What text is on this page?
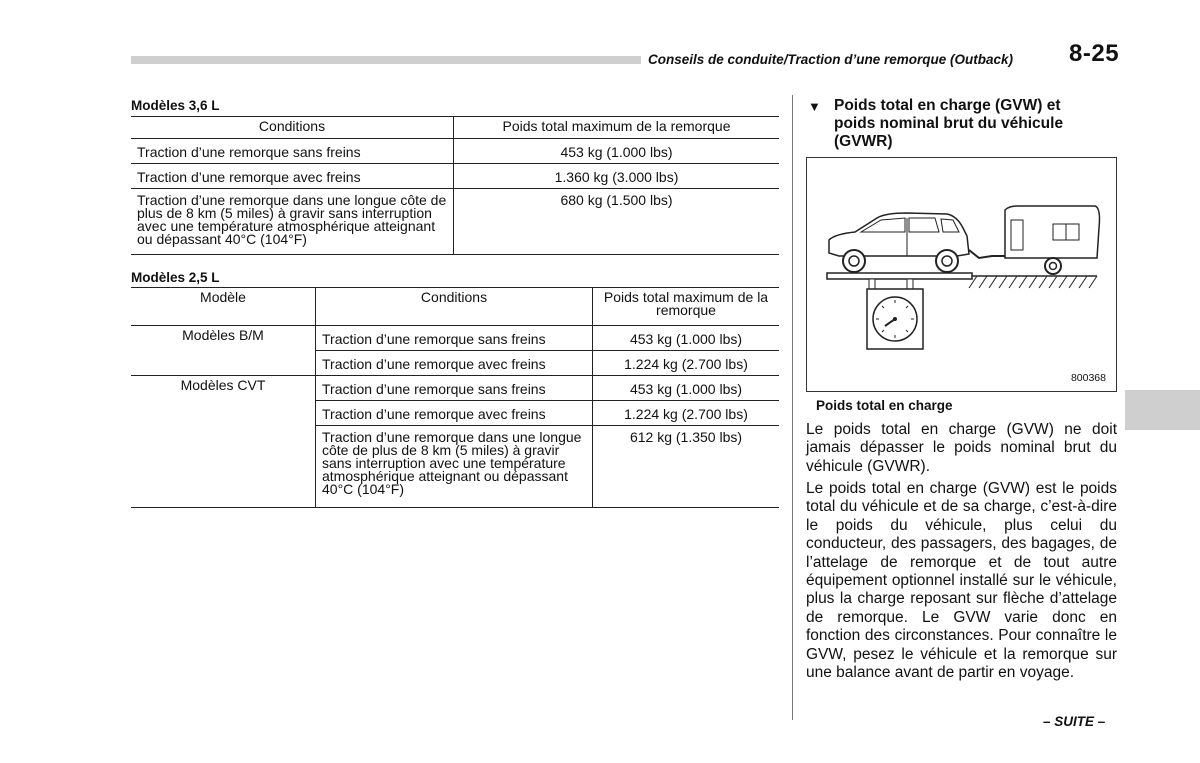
Conseils de conduite/Traction d’une remorque (Outback) 8-25
Modèles 3,6 L
Conditions	Poids total maximum de la remorque
Traction d’une remorque sans freins	453 kg (1.000 lbs)
Traction d’une remorque avec freins	1.360 kg (3.000 lbs)
Traction d’une remorque dans une longue côte de plus de 8 km (5 miles) à gravir sans interruption avec une température atmosphérique atteignant ou dépassant 40°C (104°F)	680 kg (1.500 lbs)
Modèles 2,5 L
Modèle	Conditions	Poids total maximum de la remorque
Modèles B/M	Traction d’une remorque sans freins	453 kg (1.000 lbs)
	Traction d’une remorque avec freins	1.224 kg (2.700 lbs)
Modèles CVT	Traction d’une remorque sans freins	453 kg (1.000 lbs)
	Traction d’une remorque avec freins	1.224 kg (2.700 lbs)
	Traction d’une remorque dans une longue côte de plus de 8 km (5 miles) à gravir sans interruption avec une température atmosphérique atteignant ou dépassant 40°C (104°F)	612 kg (1.350 lbs)
▼ Poids total en charge (GVW) et poids nominal brut du véhicule (GVWR)
800368
Poids total en charge
Le poids total en charge (GVW) ne doit jamais dépasser le poids nominal brut du véhicule (GVWR).
Le poids total en charge (GVW) est le poids total du véhicule et de sa charge, c’est-à-dire le poids du véhicule, plus celui du conducteur, des passagers, des bagages, de l’attelage de remorque et de tout autre équipement optionnel installé sur le véhicule, plus la charge reposant sur flèche d’attelage de remorque. Le GVW varie donc en fonction des circonstances. Pour connaître le GVW, pesez le véhicule et la remorque sur une balance avant de partir en voyage.
– SUITE –
